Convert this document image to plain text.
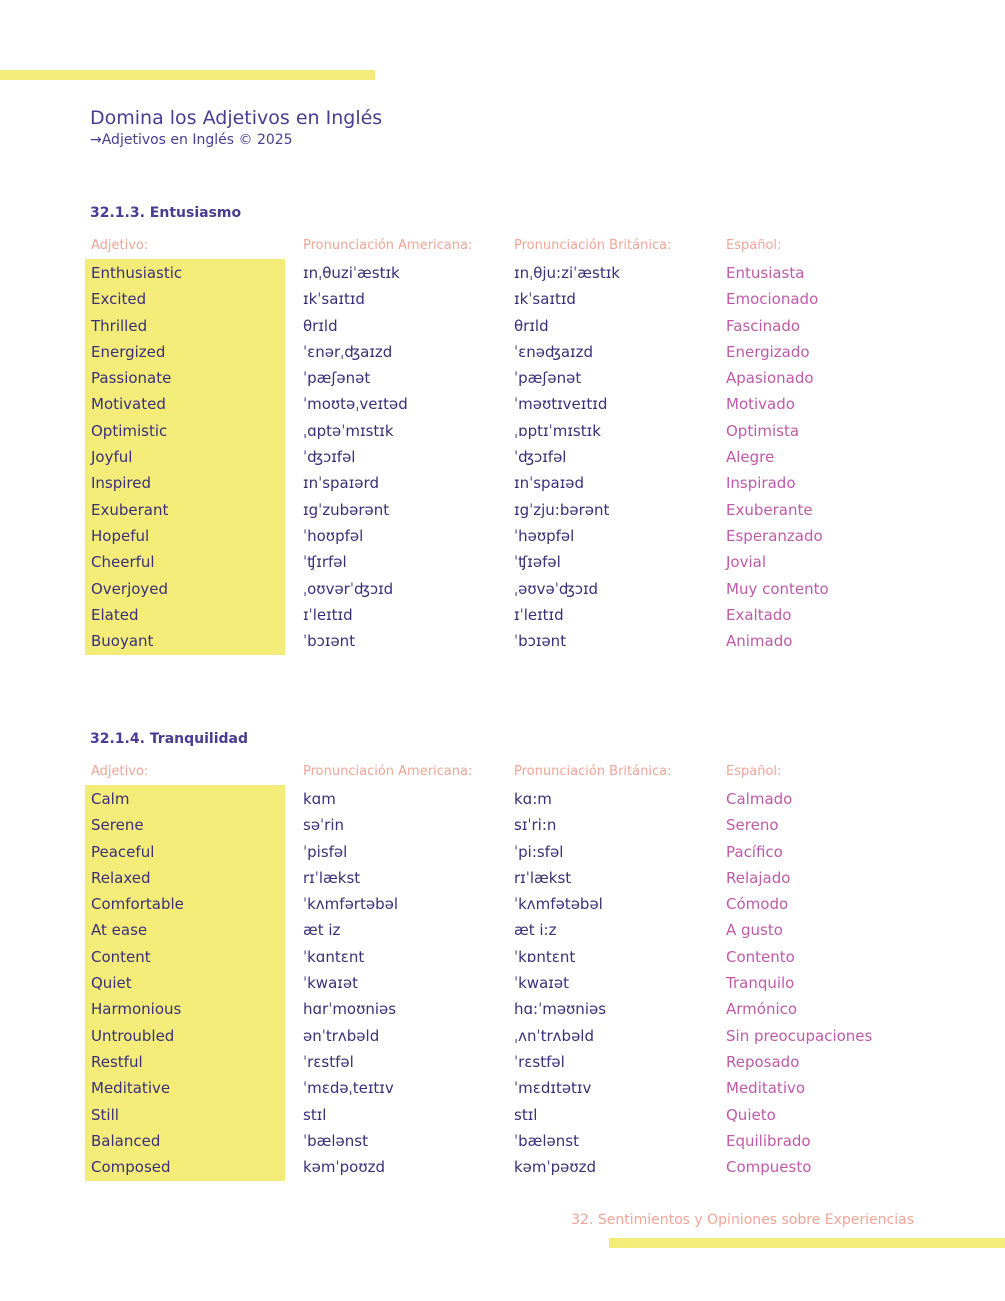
Domina los Adjetivos en Inglés
→Adjetivos en Inglés © 2025
32.1.3. Entusiasmo
Adjetivo:	Pronunciación Americana:	Pronunciación Británica:	Español:
Enthusiastic	ɪnˌθuziˈæstɪk	ɪnˌθju:ziˈæstɪk	Entusiasta
Excited	ɪkˈsaɪtɪd	ɪkˈsaɪtɪd	Emocionado
Thrilled	θrɪld	θrɪld	Fascinado
Energized	ˈɛnərˌʤaɪzd	ˈɛnəʤaɪzd	Energizado
Passionate	ˈpæʃənət	ˈpæʃənət	Apasionado
Motivated	ˈmoʊtəˌveɪtəd	ˈməʊtɪveɪtɪd	Motivado
Optimistic	ˌɑptəˈmɪstɪk	ˌɒptɪˈmɪstɪk	Optimista
Joyful	ˈʤɔɪfəl	ˈʤɔɪfəl	Alegre
Inspired	ɪnˈspaɪərd	ɪnˈspaɪəd	Inspirado
Exuberant	ɪgˈzubərənt	ɪgˈzju:bərənt	Exuberante
Hopeful	ˈhoʊpfəl	ˈhəʊpfəl	Esperanzado
Cheerful	ˈʧɪrfəl	ˈʧɪəfəl	Jovial
Overjoyed	ˌoʊvərˈʤɔɪd	ˌəʊvəˈʤɔɪd	Muy contento
Elated	ɪˈleɪtɪd	ɪˈleɪtɪd	Exaltado
Buoyant	ˈbɔɪənt	ˈbɔɪənt	Animado
32.1.4. Tranquilidad
Adjetivo:	Pronunciación Americana:	Pronunciación Británica:	Español:
Calm	kɑm	kɑ:m	Calmado
Serene	səˈrin	sɪˈri:n	Sereno
Peaceful	ˈpisfəl	ˈpi:sfəl	Pacífico
Relaxed	rɪˈlækst	rɪˈlækst	Relajado
Comfortable	ˈkʌmfərtəbəl	ˈkʌmfətəbəl	Cómodo
At ease	æt iz	æt i:z	A gusto
Content	ˈkɑntɛnt	ˈkɒntɛnt	Contento
Quiet	ˈkwaɪət	ˈkwaɪət	Tranquilo
Harmonious	hɑrˈmoʊniəs	hɑ:ˈməʊniəs	Armónico
Untroubled	ənˈtrʌbəld	ˌʌnˈtrʌbəld	Sin preocupaciones
Restful	ˈrɛstfəl	ˈrɛstfəl	Reposado
Meditative	ˈmɛdəˌteɪtɪv	ˈmɛdɪtətɪv	Meditativo
Still	stɪl	stɪl	Quieto
Balanced	ˈbælənst	ˈbælənst	Equilibrado
Composed	kəmˈpoʊzd	kəmˈpəʊzd	Compuesto
32. Sentimientos y Opiniones sobre Experiencias
